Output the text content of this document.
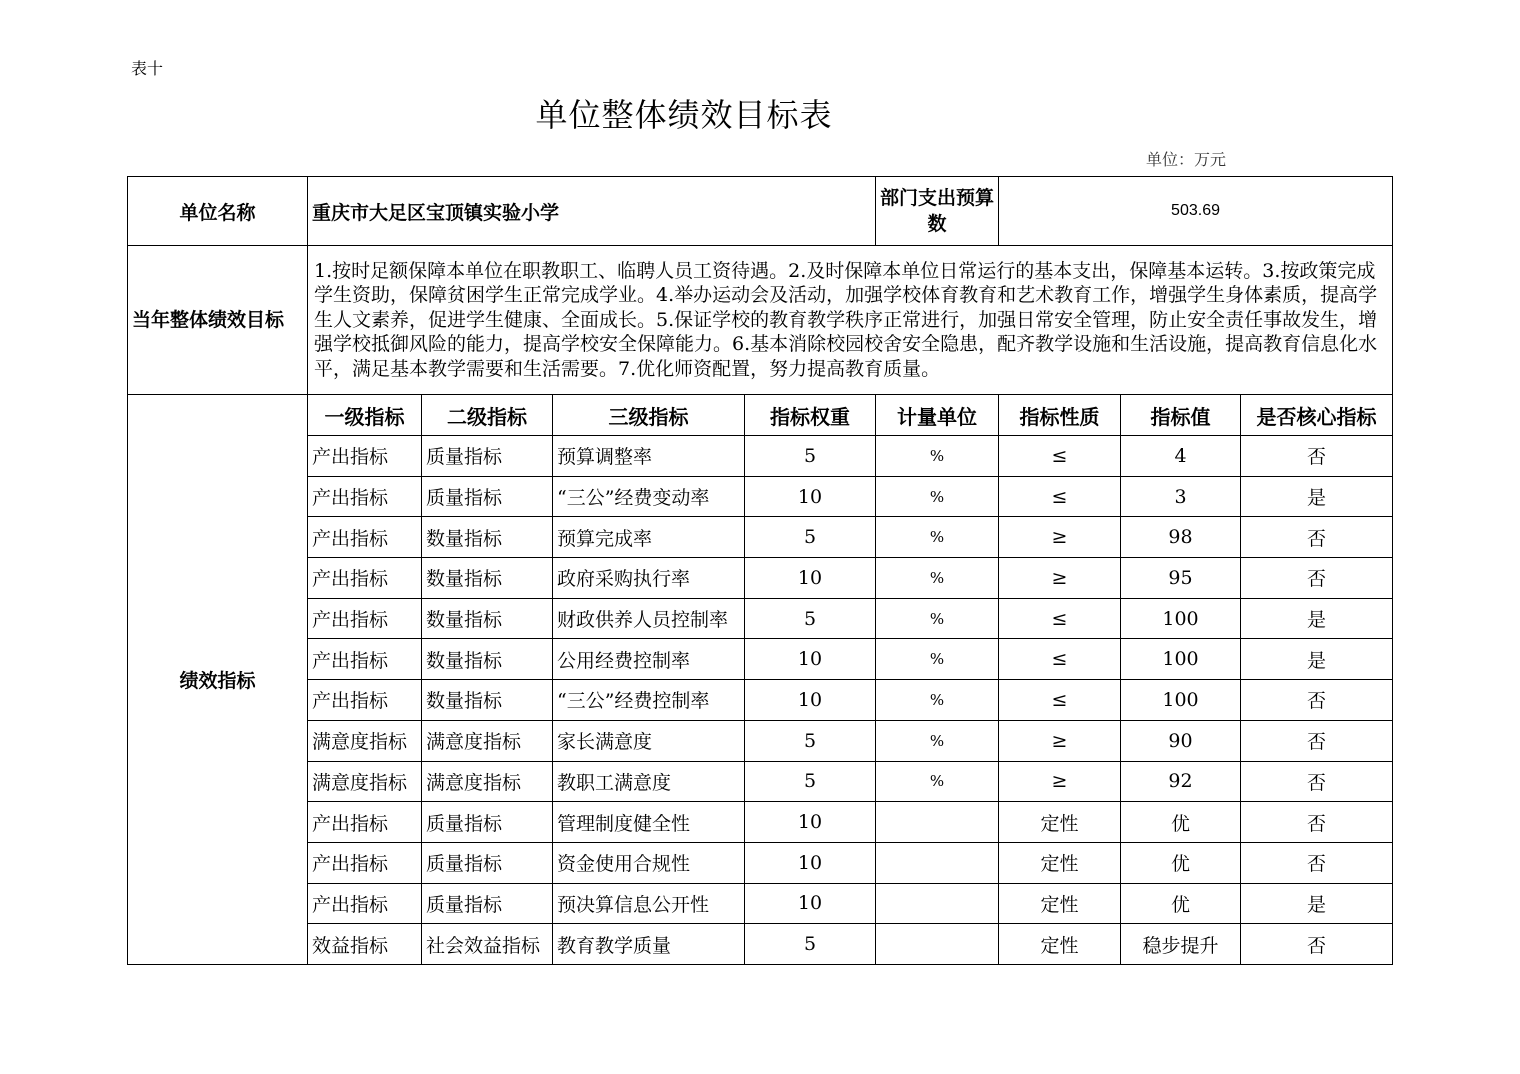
表十
单位整体绩效目标表
单位：万元
单位名称	重庆市大足区宝顶镇实验小学				部门支出预算数	503.69		
当年整体绩效目标	1.按时足额保障本单位在职教职工、临聘人员工资待遇。2.及时保障本单位日常运行的基本支出，保障基本运转。3.按政策完成学生资助，保障贫困学生正常完成学业。4.举办运动会及活动，加强学校体育教育和艺术教育工作，增强学生身体素质，提高学生人文素养，促进学生健康、全面成长。5.保证学校的教育教学秩序正常进行，加强日常安全管理，防止安全责任事故发生，增强学校抵御风险的能力，提高学校安全保障能力。6.基本消除校园校舍安全隐患，配齐教学设施和生活设施，提高教育信息化水平，满足基本教学需要和生活需要。7.优化师资配置，努力提高教育质量。							
绩效指标	一级指标	二级指标	三级指标	指标权重	计量单位	指标性质	指标值	是否核心指标
	产出指标	质量指标	预算调整率	5	%	≤	4	否
	产出指标	质量指标	“三公”经费变动率	10	%	≤	3	是
	产出指标	数量指标	预算完成率	5	%	≥	98	否
	产出指标	数量指标	政府采购执行率	10	%	≥	95	否
	产出指标	数量指标	财政供养人员控制率	5	%	≤	100	是
	产出指标	数量指标	公用经费控制率	10	%	≤	100	是
	产出指标	数量指标	“三公”经费控制率	10	%	≤	100	否
	满意度指标	满意度指标	家长满意度	5	%	≥	90	否
	满意度指标	满意度指标	教职工满意度	5	%	≥	92	否
	产出指标	质量指标	管理制度健全性	10		定性	优	否
	产出指标	质量指标	资金使用合规性	10		定性	优	否
	产出指标	质量指标	预决算信息公开性	10		定性	优	是
	效益指标	社会效益指标	教育教学质量	5		定性	稳步提升	否
